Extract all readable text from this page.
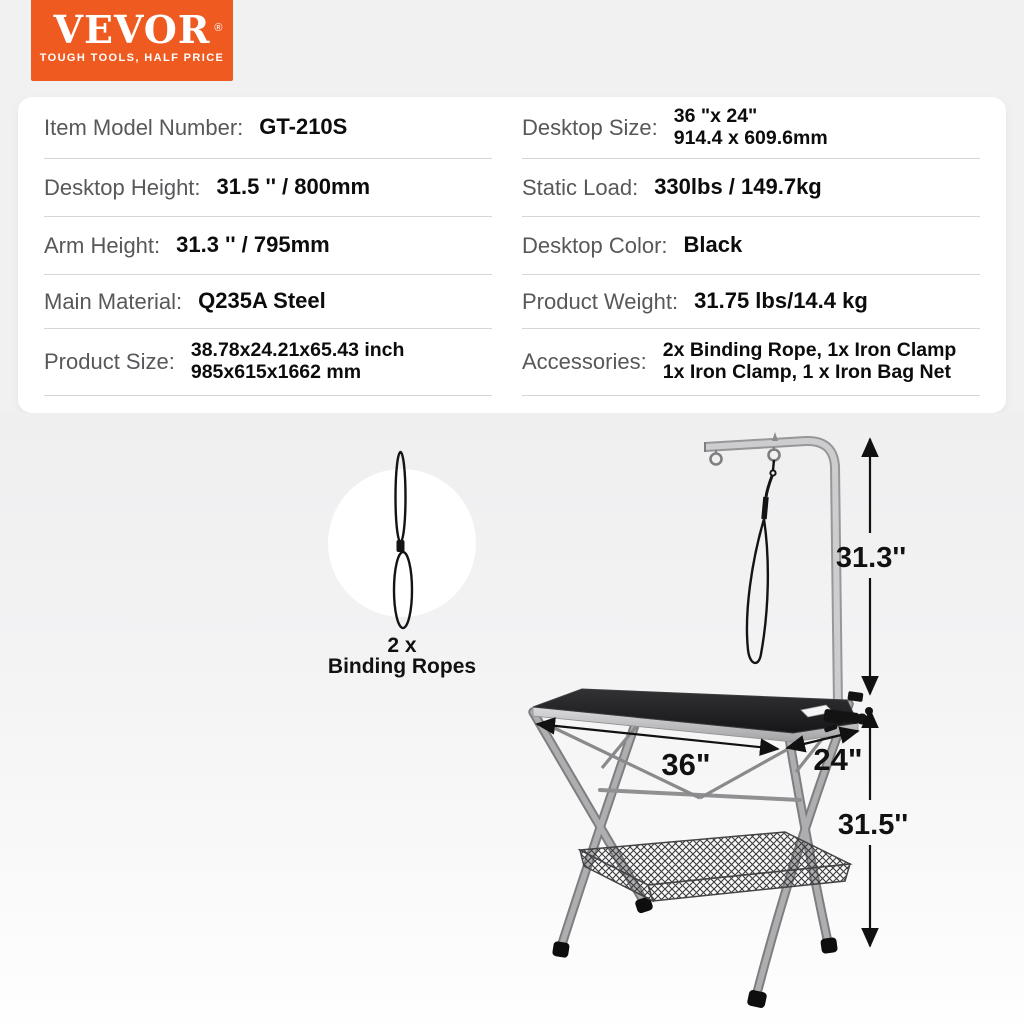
VEVOR ®
TOUGH TOOLS, HALF PRICE
Item Model Number: GT-210S
Desktop Height: 31.5 '' / 800mm
Arm Height: 31.3 '' / 795mm
Main Material: Q235A Steel
Product Size: 38.78x24.21x65.43 inch
985x615x1662 mm
Desktop Size: 36 "x 24"
914.4 x 609.6mm
Static Load: 330lbs / 149.7kg
Desktop Color: Black
Product Weight: 31.75 lbs/14.4 kg
Accessories: 2x Binding Rope, 1x Iron Clamp
1x Iron Clamp, 1 x Iron Bag Net
2 x
Binding Ropes
31.3''
31.5''
36"	24"
